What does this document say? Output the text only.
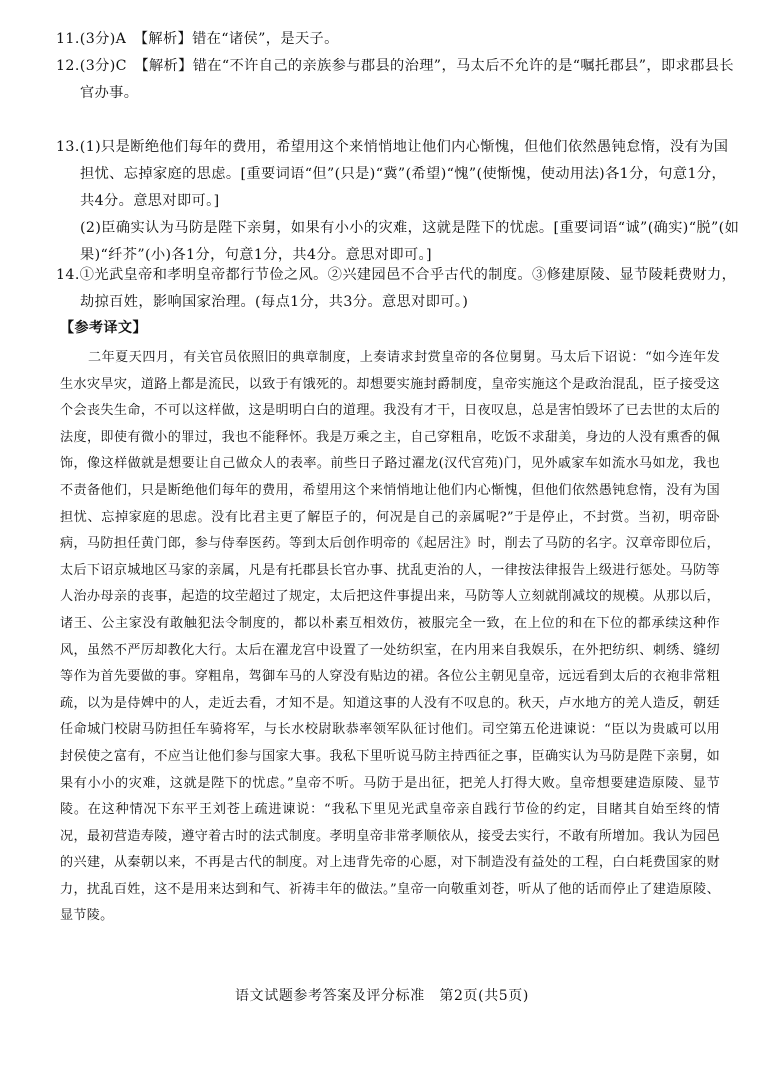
11.(3分)A　【解析】错在“诸侯”，是天子。
12.(3分)C　【解析】错在“不许自己的亲族参与郡县的治理”，马太后不允许的是“嘱托郡县”，即求郡县长官办事。
13.(1)只是断绝他们每年的费用，希望用这个来悄悄地让他们内心惭愧，但他们依然愚钝怠惰，没有为国担忧、忘掉家庭的思虑。[重要词语“但”(只是)“冀”(希望)“愧”(使惭愧，使动用法)各1分，句意1分，共4分。意思对即可。]
(2)臣确实认为马防是陛下亲舅，如果有小小的灾难，这就是陛下的忧虑。[重要词语“诚”(确实)“脱”(如果)“纤芥”(小)各1分，句意1分，共4分。意思对即可。]
14.①光武皇帝和孝明皇帝都行节俭之风。②兴建园邑不合乎古代的制度。③修建原陵、显节陵耗费财力，劫掠百姓，影响国家治理。(每点1分，共3分。意思对即可。)
【参考译文】
二年夏天四月，有关官员依照旧的典章制度，上奏请求封赏皇帝的各位舅舅。马太后下诏说：“如今连年发生水灾旱灾，道路上都是流民，以致于有饿死的。却想要实施封爵制度，皇帝实施这个是政治混乱，臣子接受这个会丧失生命，不可以这样做，这是明明白白的道理。我没有才干，日夜叹息，总是害怕毁坏了已去世的太后的法度，即使有微小的罪过，我也不能释怀。我是万乘之主，自己穿粗帛，吃饭不求甜美，身边的人没有熏香的佩饰，像这样做就是想要让自己做众人的表率。前些日子路过濯龙(汉代宫苑)门，见外戚家车如流水马如龙，我也不责备他们，只是断绝他们每年的费用，希望用这个来悄悄地让他们内心惭愧，但他们依然愚钝怠惰，没有为国担忧、忘掉家庭的思虑。没有比君主更了解臣子的，何况是自己的亲属呢?”于是停止，不封赏。当初，明帝卧病，马防担任黄门郎，参与侍奉医药。等到太后创作明帝的《起居注》时，削去了马防的名字。汉章帝即位后，太后下诏京城地区马家的亲属，凡是有托郡县长官办事、扰乱吏治的人，一律按法律报告上级进行惩处。马防等人治办母亲的丧事，起造的坟茔超过了规定，太后把这件事提出来，马防等人立刻就削减坟的规模。从那以后，诸王、公主家没有敢触犯法令制度的，都以朴素互相效仿，被服完全一致，在上位的和在下位的都承续这种作风，虽然不严厉却教化大行。太后在濯龙宫中设置了一处纺织室，在内用来自我娱乐，在外把纺织、刺绣、缝纫等作为首先要做的事。穿粗帛，驾御车马的人穿没有贴边的裙。各位公主朝见皇帝，远远看到太后的衣袍非常粗疏，以为是侍婢中的人，走近去看，才知不是。知道这事的人没有不叹息的。秋天，卢水地方的羌人造反，朝廷任命城门校尉马防担任车骑将军，与长水校尉耿恭率领军队征讨他们。司空第五伦进谏说：“臣以为贵戚可以用封侯使之富有，不应当让他们参与国家大事。我私下里听说马防主持西征之事，臣确实认为马防是陛下亲舅，如果有小小的灾难，这就是陛下的忧虑。”皇帝不听。马防于是出征，把羌人打得大败。皇帝想要建造原陵、显节陵。在这种情况下东平王刘苍上疏进谏说：“我私下里见光武皇帝亲自践行节俭的约定，目睹其自始至终的情况，最初营造寿陵，遵守着古时的法式制度。孝明皇帝非常孝顺依从，接受去实行，不敢有所增加。我认为园邑的兴建，从秦朝以来，不再是古代的制度。对上违背先帝的心愿，对下制造没有益处的工程，白白耗费国家的财力，扰乱百姓，这不是用来达到和气、祈祷丰年的做法。”皇帝一向敬重刘苍，听从了他的话而停止了建造原陵、显节陵。
语文试题参考答案及评分标准　第2页(共5页)
